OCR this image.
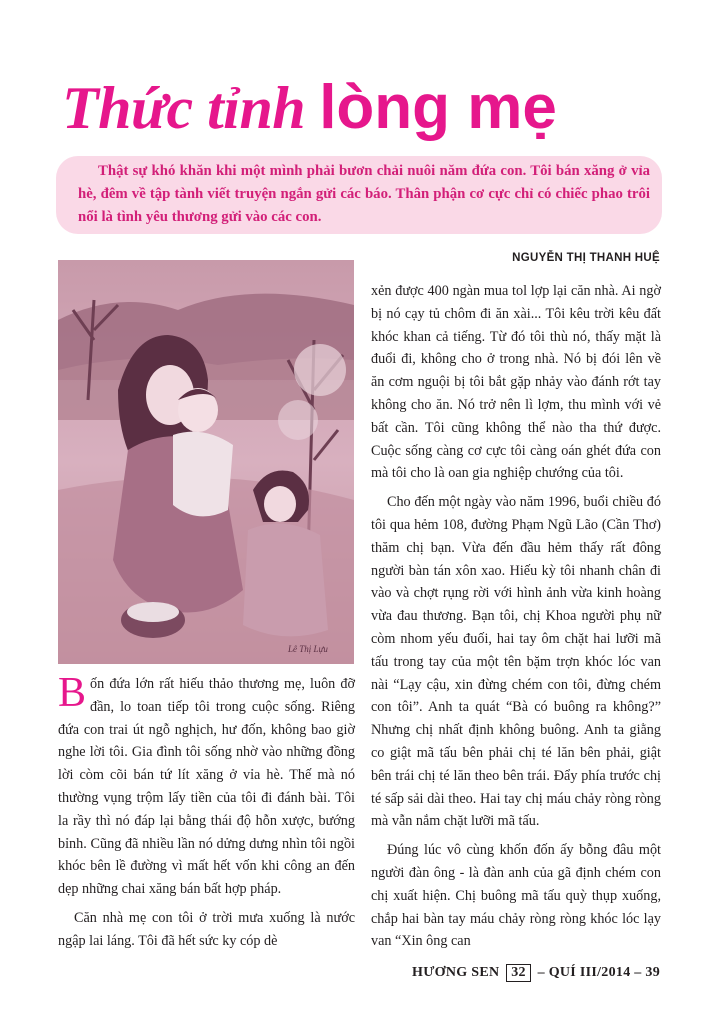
Thức tỉnh lòng mẹ

Thật sự khó khăn khi một mình phải bươn chải nuôi năm đứa con. Tôi bán xăng ở vỉa hè, đêm về tập tành viết truyện ngắn gửi các báo. Thân phận cơ cực chỉ có chiếc phao trôi nổi là tình yêu thương gửi vào các con.

NGUYỄN THỊ THANH HUỆ
Lê Thị Lựu

Bốn đứa lớn rất hiếu thảo thương mẹ, luôn đỡ đần, lo toan tiếp tôi trong cuộc sống. Riêng đứa con trai út ngỗ nghịch, hư đốn, không bao giờ nghe lời tôi. Gia đình tôi sống nhờ vào những đồng lời còm cõi bán tứ lít xăng ở vỉa hè. Thế mà nó thường vụng trộm lấy tiền của tôi đi đánh bài. Tôi la rầy thì nó đáp lại bằng thái độ hỗn xược, bướng bỉnh. Cũng đã nhiều lần nó dửng dưng nhìn tôi ngồi khóc bên lề đường vì mất hết vốn khi công an đến dẹp những chai xăng bán bất hợp pháp.

Căn nhà mẹ con tôi ở trời mưa xuống là nước ngập lai láng. Tôi đã hết sức ky cóp dè

xẻn được 400 ngàn mua tol lợp lại căn nhà. Ai ngờ bị nó cạy tủ chôm đi ăn xài... Tôi kêu trời kêu đất khóc khan cả tiếng. Từ đó tôi thù nó, thấy mặt là đuổi đi, không cho ở trong nhà. Nó bị đói lên về ăn cơm nguội bị tôi bắt gặp nhảy vào đánh rớt tay không cho ăn. Nó trở nên lì lợm, thu mình với vẻ bất cần. Tôi cũng không thể nào tha thứ được. Cuộc sống càng cơ cực tôi càng oán ghét đứa con mà tôi cho là oan gia nghiệp chướng của tôi.

Cho đến một ngày vào năm 1996, buổi chiều đó tôi qua hẻm 108, đường Phạm Ngũ Lão (Cần Thơ) thăm chị bạn. Vừa đến đầu hẻm thấy rất đông người bàn tán xôn xao. Hiếu kỳ tôi nhanh chân đi vào và chợt rụng rời với hình ảnh vừa kinh hoàng vừa đau thương. Bạn tôi, chị Khoa người phụ nữ còm nhom yếu đuối, hai tay ôm chặt hai lưỡi mã tấu trong tay của một tên bặm trợn khóc lóc van nài “Lạy cậu, xin đừng chém con tôi, đừng chém con tôi”. Anh ta quát “Bà có buông ra không?” Nhưng chị nhất định không buông. Anh ta giằng co giật mã tấu bên phải chị té lăn bên phải, giật bên trái chị té lăn theo bên trái. Đẩy phía trước chị té sấp sải dài theo. Hai tay chị máu chảy ròng ròng mà vẫn nắm chặt lưỡi mã tấu.

Đúng lúc vô cùng khốn đốn ấy bỗng đâu một người đàn ông - là đàn anh của gã định chém con chị xuất hiện. Chị buông mã tấu quỳ thụp xuống, chắp hai bàn tay máu chảy ròng ròng khóc lóc lạy van “Xin ông can

HƯƠNG SEN 32 – QUÍ III/2014 – 39
